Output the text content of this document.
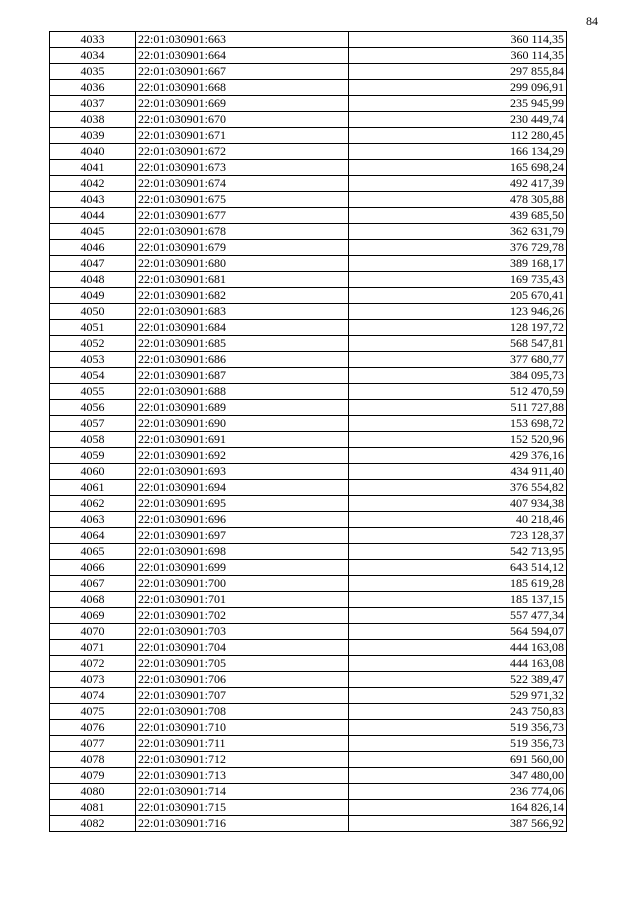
84
4033	22:01:030901:663	360 114,35
4034	22:01:030901:664	360 114,35
4035	22:01:030901:667	297 855,84
4036	22:01:030901:668	299 096,91
4037	22:01:030901:669	235 945,99
4038	22:01:030901:670	230 449,74
4039	22:01:030901:671	112 280,45
4040	22:01:030901:672	166 134,29
4041	22:01:030901:673	165 698,24
4042	22:01:030901:674	492 417,39
4043	22:01:030901:675	478 305,88
4044	22:01:030901:677	439 685,50
4045	22:01:030901:678	362 631,79
4046	22:01:030901:679	376 729,78
4047	22:01:030901:680	389 168,17
4048	22:01:030901:681	169 735,43
4049	22:01:030901:682	205 670,41
4050	22:01:030901:683	123 946,26
4051	22:01:030901:684	128 197,72
4052	22:01:030901:685	568 547,81
4053	22:01:030901:686	377 680,77
4054	22:01:030901:687	384 095,73
4055	22:01:030901:688	512 470,59
4056	22:01:030901:689	511 727,88
4057	22:01:030901:690	153 698,72
4058	22:01:030901:691	152 520,96
4059	22:01:030901:692	429 376,16
4060	22:01:030901:693	434 911,40
4061	22:01:030901:694	376 554,82
4062	22:01:030901:695	407 934,38
4063	22:01:030901:696	40 218,46
4064	22:01:030901:697	723 128,37
4065	22:01:030901:698	542 713,95
4066	22:01:030901:699	643 514,12
4067	22:01:030901:700	185 619,28
4068	22:01:030901:701	185 137,15
4069	22:01:030901:702	557 477,34
4070	22:01:030901:703	564 594,07
4071	22:01:030901:704	444 163,08
4072	22:01:030901:705	444 163,08
4073	22:01:030901:706	522 389,47
4074	22:01:030901:707	529 971,32
4075	22:01:030901:708	243 750,83
4076	22:01:030901:710	519 356,73
4077	22:01:030901:711	519 356,73
4078	22:01:030901:712	691 560,00
4079	22:01:030901:713	347 480,00
4080	22:01:030901:714	236 774,06
4081	22:01:030901:715	164 826,14
4082	22:01:030901:716	387 566,92
